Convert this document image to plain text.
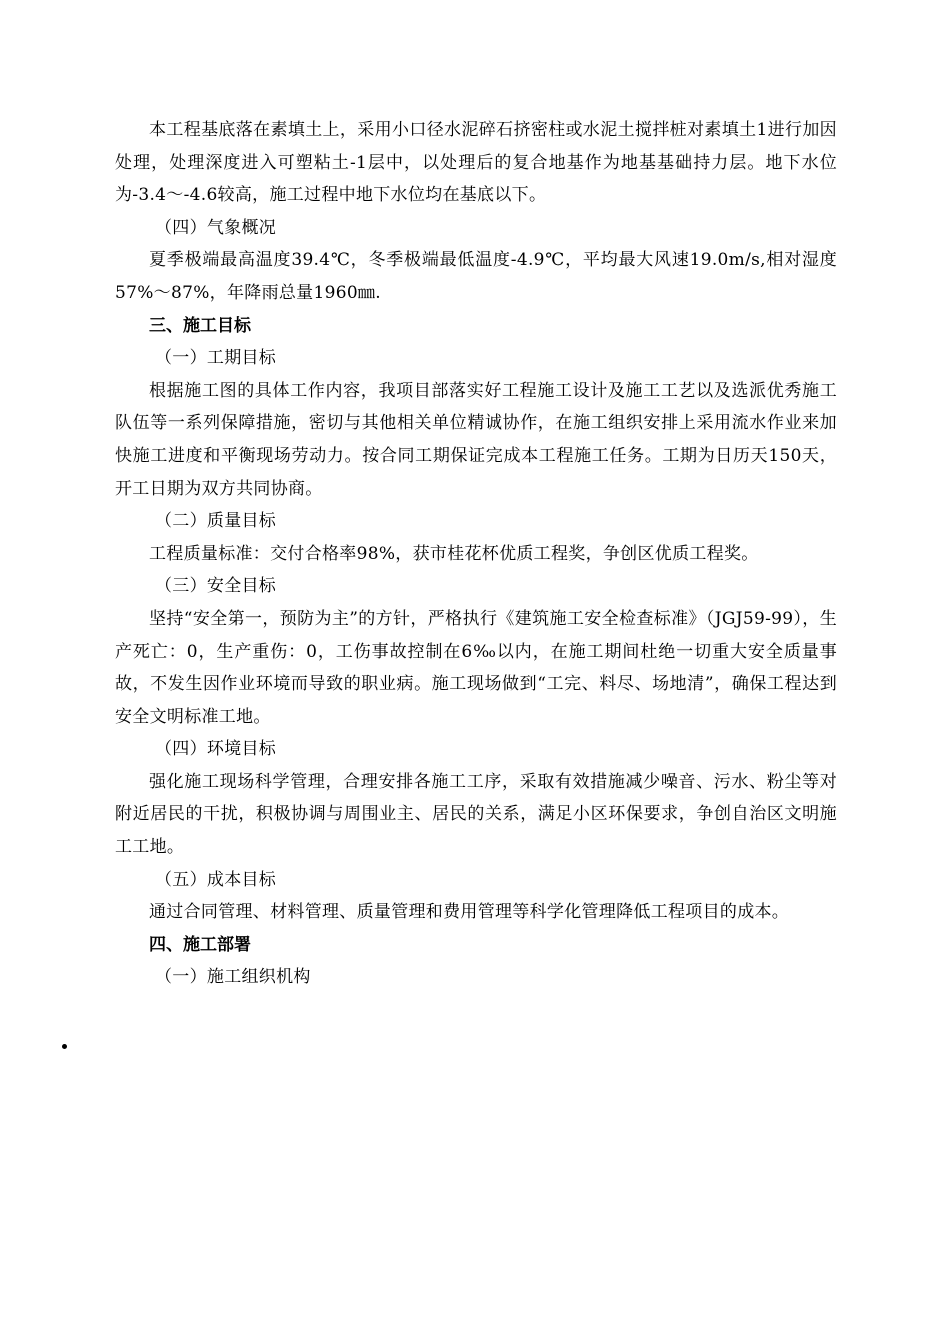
本工程基底落在素填土上，采用小口径水泥碎石挤密柱或水泥土搅拌桩对素填土1进行加因处理，处理深度进入可塑粘土-1层中，以处理后的复合地基作为地基基础持力层。地下水位为-3.4～-4.6较高，施工过程中地下水位均在基底以下。

（四）气象概况

夏季极端最高温度39.4℃，冬季极端最低温度-4.9℃，平均最大风速19.0m/s,相对湿度57%～87%，年降雨总量1960㎜.

三、施工目标

（一）工期目标

根据施工图的具体工作内容，我项目部落实好工程施工设计及施工工艺以及选派优秀施工队伍等一系列保障措施，密切与其他相关单位精诚协作，在施工组织安排上采用流水作业来加快施工进度和平衡现场劳动力。按合同工期保证完成本工程施工任务。工期为日历天150天，开工日期为双方共同协商。

（二）质量目标

工程质量标准：交付合格率98%，获市桂花杯优质工程奖，争创区优质工程奖。

（三）安全目标

坚持“安全第一，预防为主”的方针，严格执行《建筑施工安全检查标准》（JGJ59-99），生产死亡：0，生产重伤：0，工伤事故控制在6‰以内，在施工期间杜绝一切重大安全质量事故，不发生因作业环境而导致的职业病。施工现场做到“工完、料尽、场地清”，确保工程达到安全文明标准工地。

（四）环境目标

强化施工现场科学管理，合理安排各施工工序，采取有效措施减少噪音、污水、粉尘等对附近居民的干扰，积极协调与周围业主、居民的关系，满足小区环保要求，争创自治区文明施工工地。

（五）成本目标

通过合同管理、材料管理、质量管理和费用管理等科学化管理降低工程项目的成本。

四、施工部署

（一）施工组织机构
